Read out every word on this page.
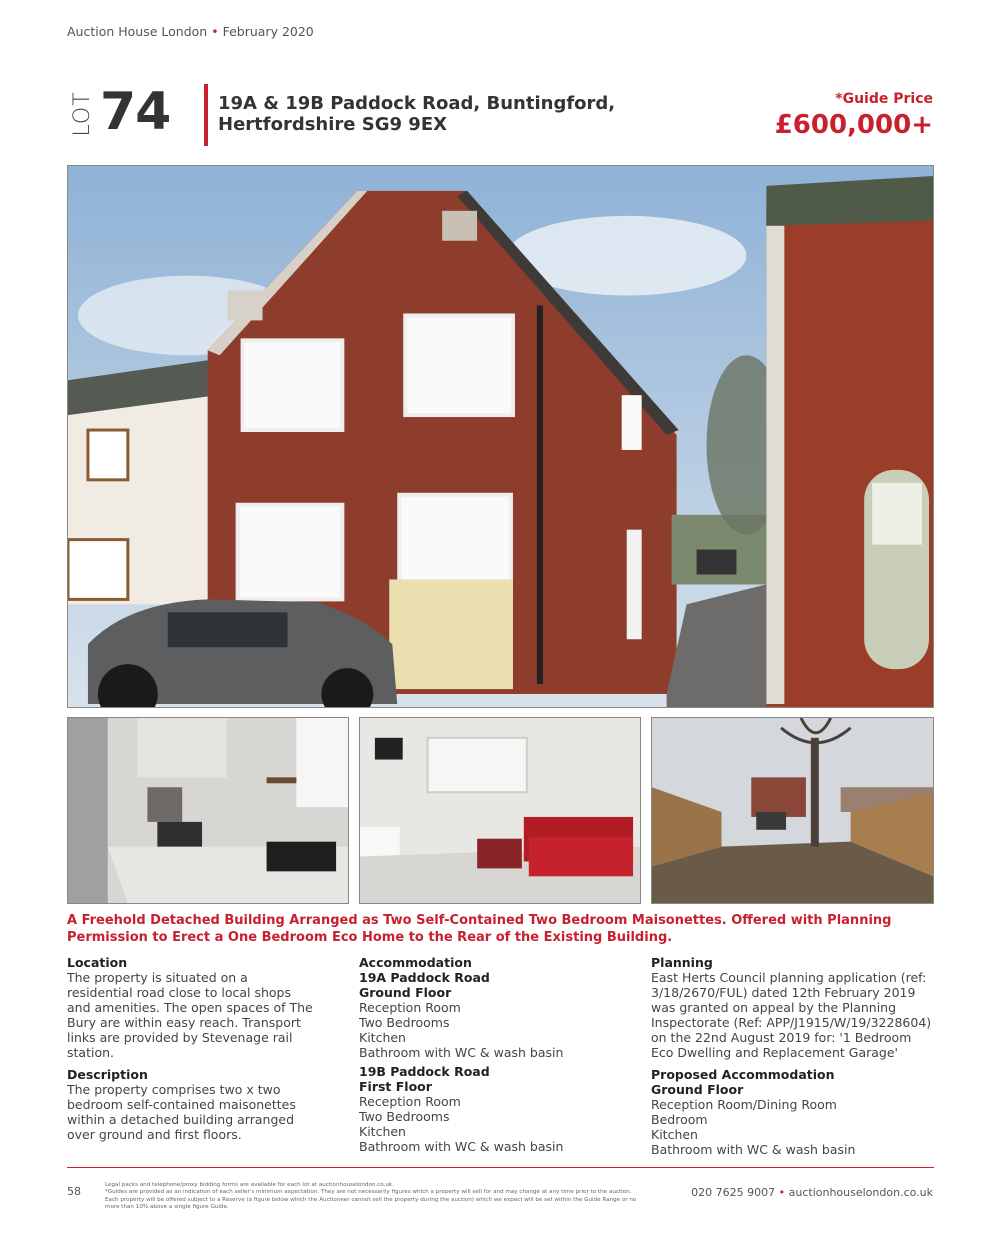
Auction House London • February 2020
LOT 74	19A & 19B Paddock Road, Buntingford,
Hertfordshire SG9 9EX
*Guide Price
£600,000+
A Freehold Detached Building Arranged as Two Self-Contained Two Bedroom Maisonettes. Offered with Planning Permission to Erect a One Bedroom Eco Home to the Rear of the Existing Building.
Location

The property is situated on a residential road close to local shops and amenities. The open spaces of The Bury are within easy reach. Transport links are provided by Stevenage rail station.

Description

The property comprises two x two bedroom self-contained maisonettes within a detached building arranged over ground and first floors.

Accommodation
19A Paddock Road
Ground Floor
Reception Room
Two Bedrooms
Kitchen
Bathroom with WC & wash basin
19B Paddock Road
First Floor
Reception Room
Two Bedrooms
Kitchen
Bathroom with WC & wash basin
Planning

East Herts Council planning application (ref: 3/18/2670/FUL) dated 12th February 2019 was granted on appeal by the Planning Inspectorate (Ref: APP/J1915/W/19/3228604) on the 22nd August 2019 for: '1 Bedroom Eco Dwelling and Replacement Garage'

Proposed Accommodation
Ground Floor
Reception Room/Dining Room
Bedroom
Kitchen
Bathroom with WC & wash basin
58	Legal packs and telephone/proxy bidding forms are available for each lot at auctionhouselondon.co.uk.
*Guides are provided as an indication of each seller's minimum expectation. They are not necessarily figures which a property will sell for and may change at any time prior to the auction. Each property will be offered subject to a Reserve (a figure below which the Auctioneer cannot sell the property during the auction) which we expect will be set within the Guide Range or no more than 10% above a single figure Guide.
020 7625 9007 • auctionhouselondon.co.uk
